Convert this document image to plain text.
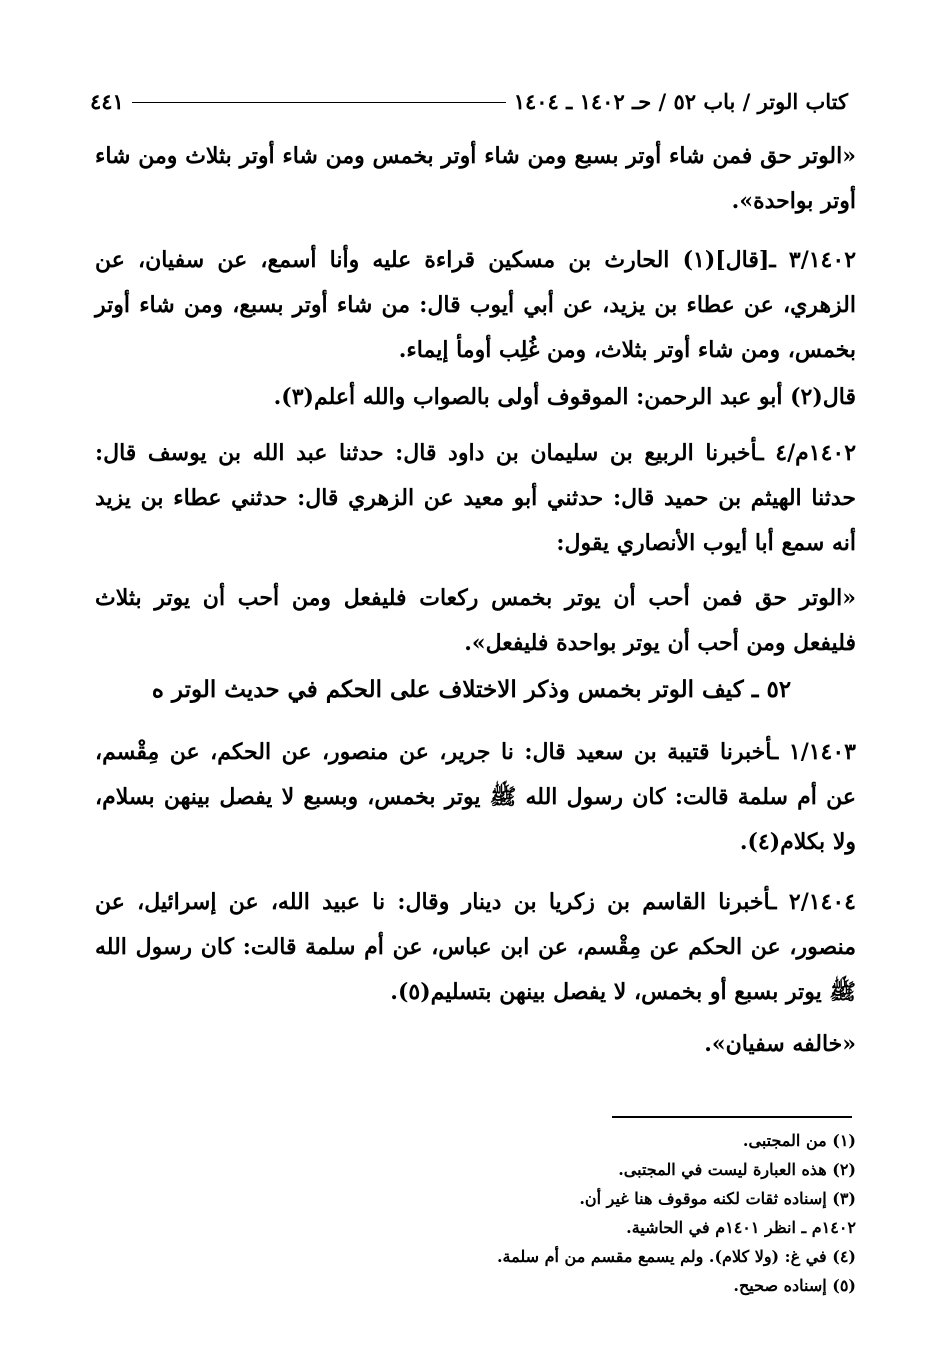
كتاب الوتر / باب ٥٢ / حـ ١٤٠٢ ـ ١٤٠٤
٤٤١

«الوتر حق فمن شاء أوتر بسبع ومن شاء أوتر بخمس ومن شاء أوتر بثلاث ومن شاء أوتر بواحدة».

٣/١٤٠٢ ـ[قال](١) الحارث بن مسكين قراءة عليه وأنا أسمع، عن سفيان، عن الزهري، عن عطاء بن يزيد، عن أبي أيوب قال: من شاء أوتر بسبع، ومن شاء أوتر بخمس، ومن شاء أوتر بثلاث، ومن غُلِب أومأ إيماء.

قال(٢) أبو عبد الرحمن: الموقوف أولى بالصواب والله أعلم(٣).

١٤٠٢م/٤ ـأخبرنا الربيع بن سليمان بن داود قال: حدثنا عبد الله بن يوسف قال: حدثنا الهيثم بن حميد قال: حدثني أبو معيد عن الزهري قال: حدثني عطاء بن يزيد أنه سمع أبا أيوب الأنصاري يقول:

«الوتر حق فمن أحب أن يوتر بخمس ركعات فليفعل ومن أحب أن يوتر بثلاث فليفعل ومن أحب أن يوتر بواحدة فليفعل».

٥٢ ـ كيف الوتر بخمس وذكر الاختلاف على الحكم في حديث الوتر ه

١/١٤٠٣ ـأخبرنا قتيبة بن سعيد قال: نا جرير، عن منصور، عن الحكم، عن مِقْسم، عن أم سلمة قالت: كان رسول الله ﷺ يوتر بخمس، وبسبع لا يفصل بينهن بسلام، ولا بكلام(٤).

٢/١٤٠٤ ـأخبرنا القاسم بن زكريا بن دينار وقال: نا عبيد الله، عن إسرائيل، عن منصور، عن الحكم عن مِقْسم، عن ابن عباس، عن أم سلمة قالت: كان رسول الله ﷺ يوتر بسبع أو بخمس، لا يفصل بينهن بتسليم(٥).

«خالفه سفيان».

(١) من المجتبى.
(٢) هذه العبارة ليست في المجتبى.
(٣) إسناده ثقات لكنه موقوف هنا غير أن.
١٤٠٢م ـ انظر ١٤٠١م في الحاشية.
(٤) في غ: (ولا كلام). ولم يسمع مقسم من أم سلمة.
(٥) إسناده صحيح.
